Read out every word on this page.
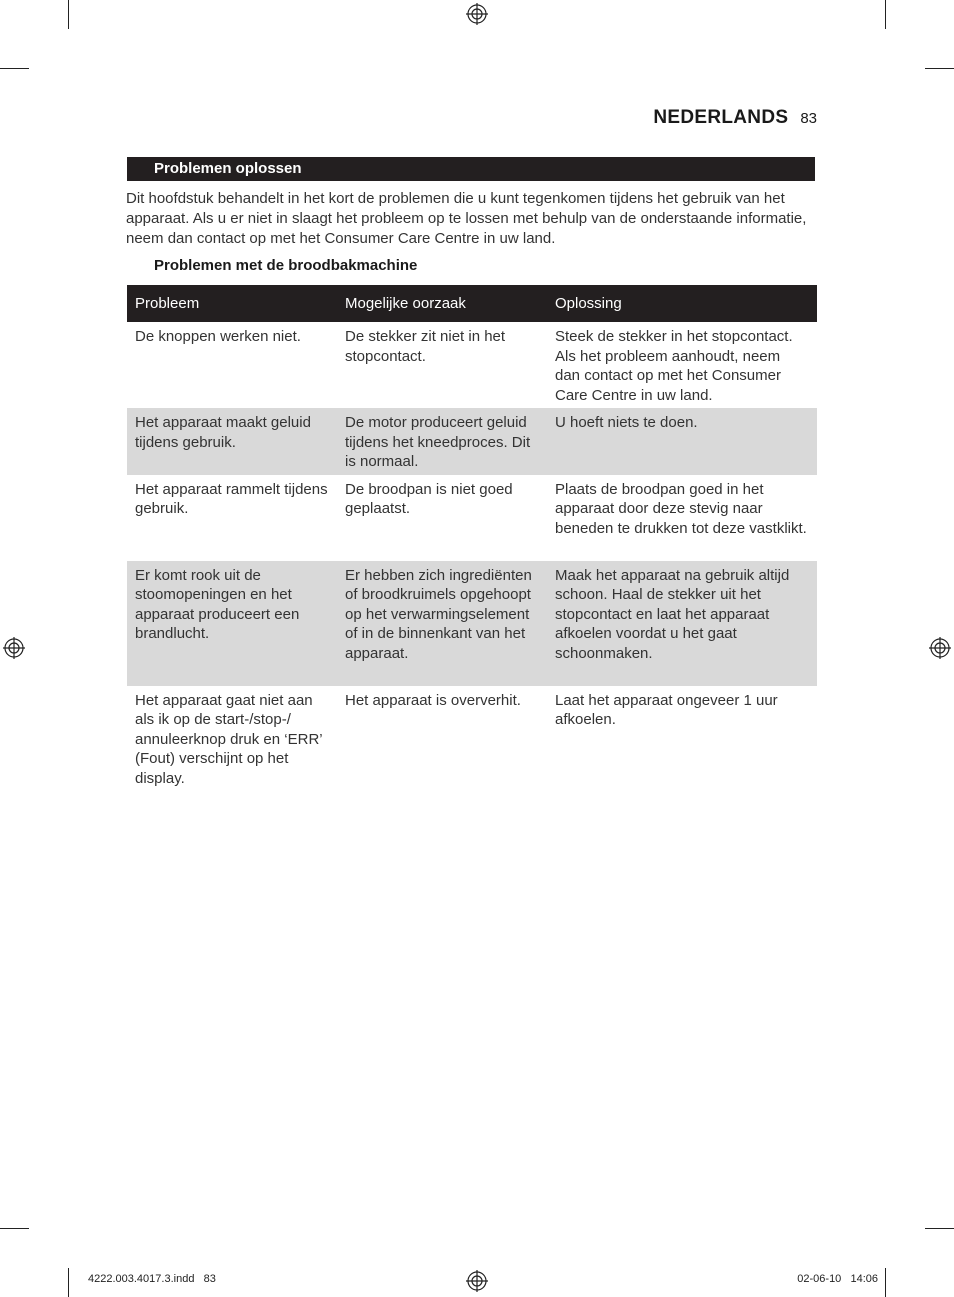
NEDERLANDS 83
Problemen oplossen
Dit hoofdstuk behandelt in het kort de problemen die u kunt tegenkomen tijdens het gebruik van het apparaat. Als u er niet in slaagt het probleem op te lossen met behulp van de onderstaande informatie, neem dan contact op met het Consumer Care Centre in uw land.
Problemen met de broodbakmachine
Probleem	Mogelijke oorzaak	Oplossing
De knoppen werken niet.	De stekker zit niet in het stopcontact.	Steek de stekker in het stopcontact. Als het probleem aanhoudt, neem dan contact op met het Consumer Care Centre in uw land.
Het apparaat maakt geluid tijdens gebruik.	De motor produceert geluid tijdens het kneedproces. Dit is normaal.	U hoeft niets te doen.
Het apparaat rammelt tijdens gebruik.	De broodpan is niet goed geplaatst.	Plaats de broodpan goed in het apparaat door deze stevig naar beneden te drukken tot deze vastklikt.
Er komt rook uit de stoomopeningen en het apparaat produceert een brandlucht.	Er hebben zich ingrediënten of broodkruimels opgehoopt op het verwarmingselement of in de binnenkant van het apparaat.	Maak het apparaat na gebruik altijd schoon. Haal de stekker uit het stopcontact en laat het apparaat afkoelen voordat u het gaat schoonmaken.
Het apparaat gaat niet aan als ik op de start-/stop-/ annuleerknop druk en ‘ERR’ (Fout) verschijnt op het display.	Het apparaat is oververhit.	Laat het apparaat ongeveer 1 uur afkoelen.
4222.003.4017.3.indd   83	02-06-10   14:06
